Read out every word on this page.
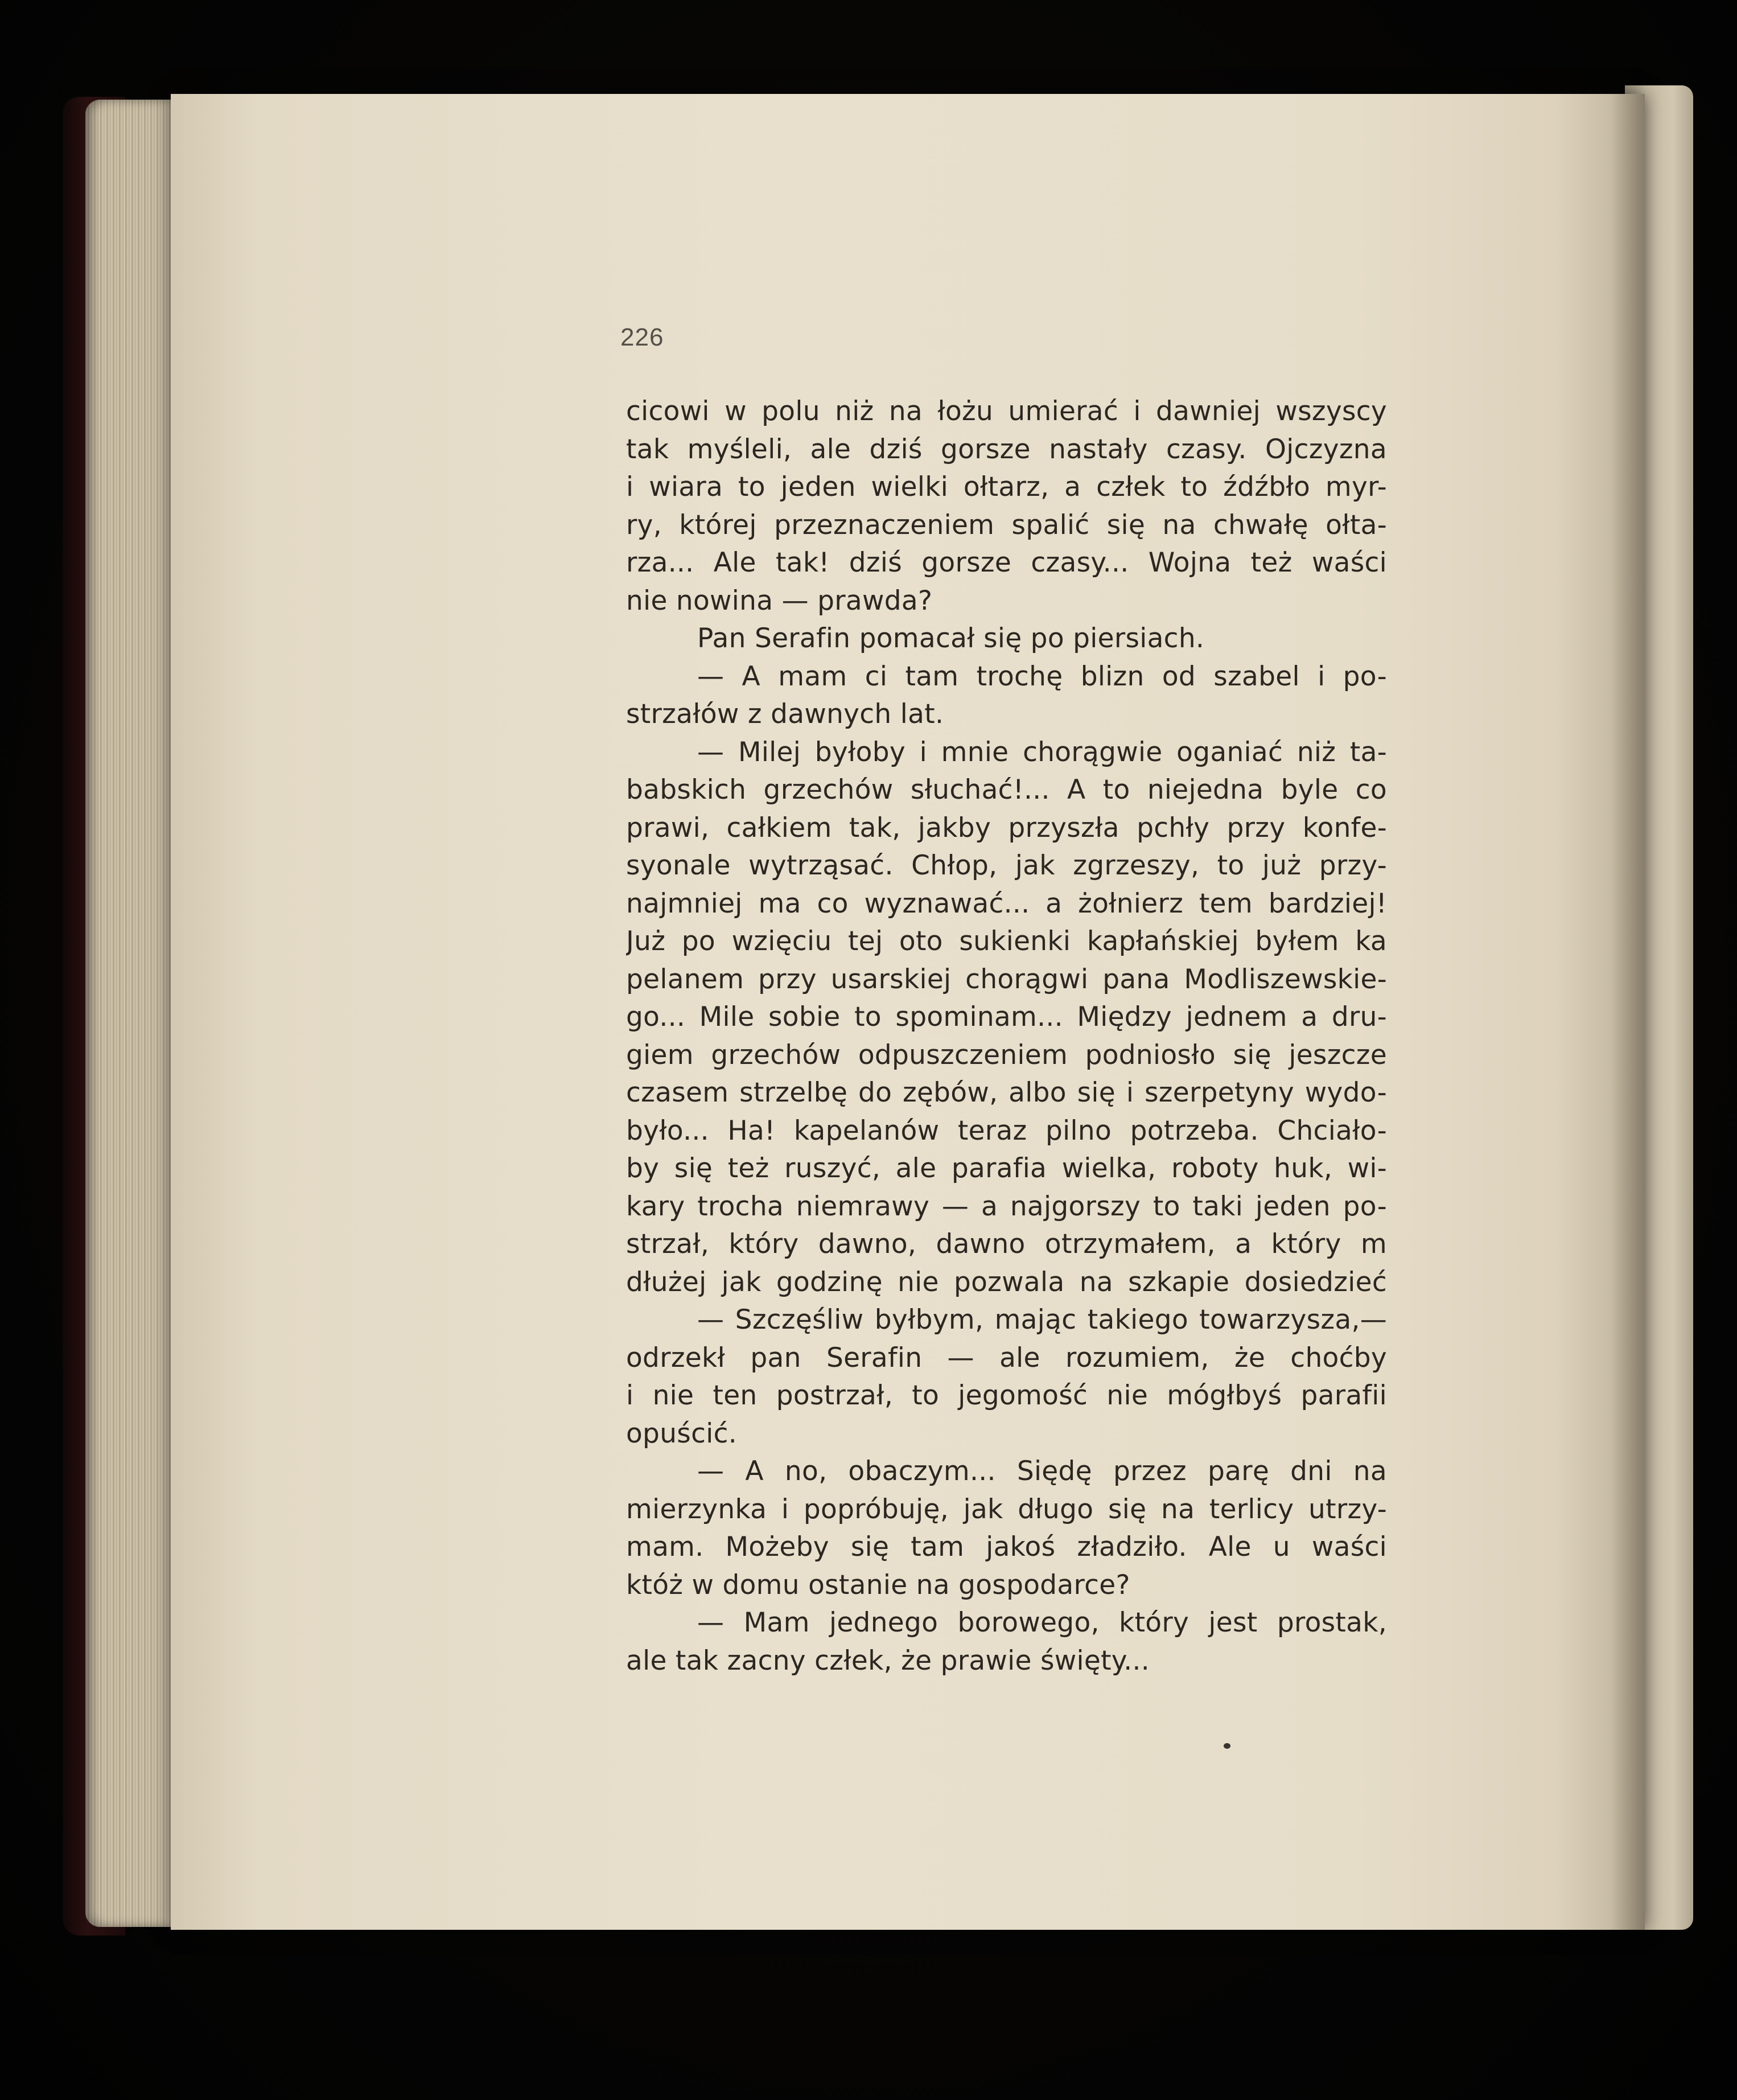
226
cicowi w polu niż na łożu umierać i dawniej wszyscy
tak myśleli, ale dziś gorsze nastały czasy. Ojczyzna
i wiara to jeden wielki ołtarz, a człek to źdźbło myr-
ry, której przeznaczeniem spalić się na chwałę ołta-
rza... Ale tak! dziś gorsze czasy... Wojna też waści
nie nowina — prawda?
Pan Serafin pomacał się po piersiach.
— A mam ci tam trochę blizn od szabel i po-
strzałów z dawnych lat.
— Milej byłoby i mnie chorągwie oganiać niż ta-
babskich grzechów słuchać!... A to niejedna byle co
prawi, całkiem tak, jakby przyszła pchły przy konfe-
syonale wytrząsać. Chłop, jak zgrzeszy, to już przy-
najmniej ma co wyznawać... a żołnierz tem bardziej!
Już po wzięciu tej oto sukienki kapłańskiej byłem ka
pelanem przy usarskiej chorągwi pana Modliszewskie-
go... Mile sobie to spominam... Między jednem a dru-
giem grzechów odpuszczeniem podniosło się jeszcze
czasem strzelbę do zębów, albo się i szerpetyny wydo-
było... Ha! kapelanów teraz pilno potrzeba. Chciało-
by się też ruszyć, ale parafia wielka, roboty huk, wi-
kary trocha niemrawy — a najgorszy to taki jeden po-
strzał, który dawno, dawno otrzymałem, a który m
dłużej jak godzinę nie pozwala na szkapie dosiedzieć
— Szczęśliw byłbym, mając takiego towarzysza,—
odrzekł pan Serafin — ale rozumiem, że choćby
i nie ten postrzał, to jegomość nie mógłbyś parafii
opuścić.
— A no, obaczym... Siędę przez parę dni na
mierzynka i popróbuję, jak długo się na terlicy utrzy-
mam. Możeby się tam jakoś zładziło. Ale u waści
któż w domu ostanie na gospodarce?
— Mam jednego borowego, który jest prostak,
ale tak zacny człek, że prawie święty...
